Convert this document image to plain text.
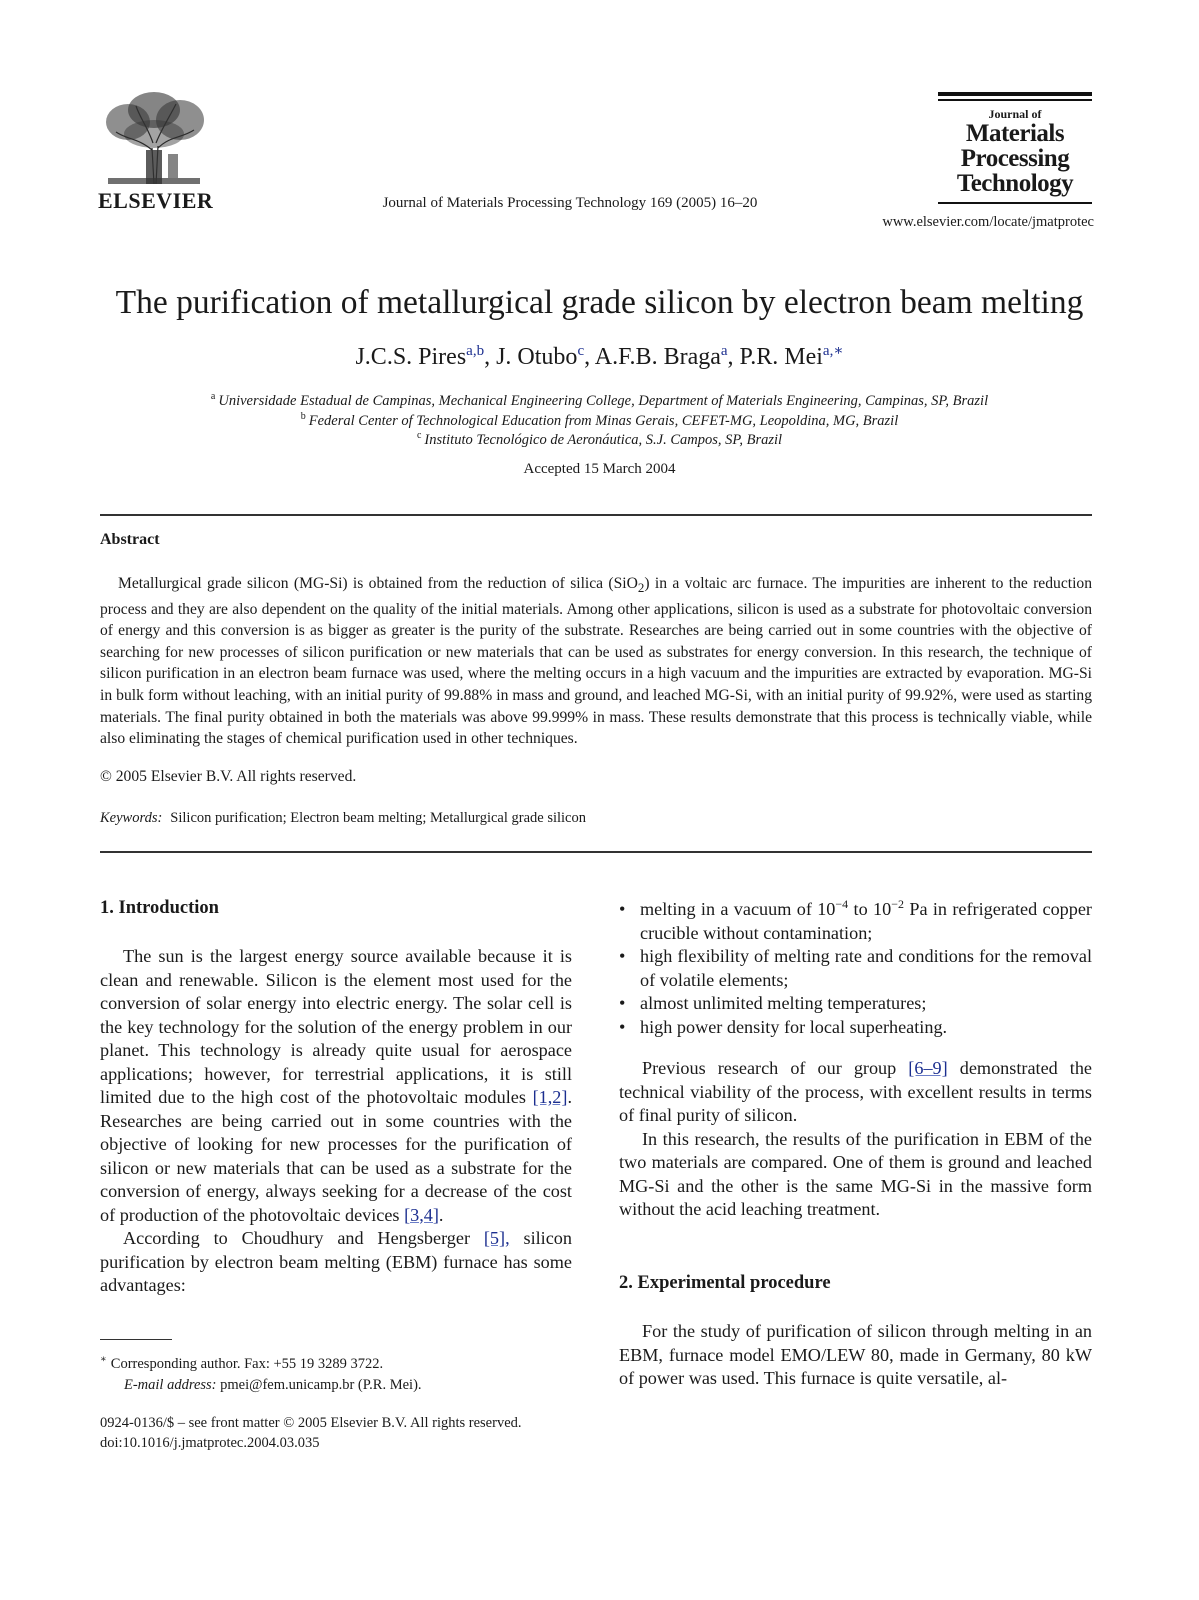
ELSEVIER	Journal of Materials Processing Technology 169 (2005) 16–20
Journal of
Materials
Processing
Technology
www.elsevier.com/locate/jmatprotec
The purification of metallurgical grade silicon by electron beam melting
J.C.S. Pires$^{a,b}$, J. Otubo$^c$, A.F.B. Braga$^a$, P.R. Mei$^{a,∗}$
$^a$ Universidade Estadual de Campinas, Mechanical Engineering College, Department of Materials Engineering, Campinas, SP, Brazil
$^b$ Federal Center of Technological Education from Minas Gerais, CEFET-MG, Leopoldina, MG, Brazil
$^c$ Instituto Tecnológico de Aeronáutica, S.J. Campos, SP, Brazil
Accepted 15 March 2004
Abstract
Metallurgical grade silicon (MG-Si) is obtained from the reduction of silica (SiO$_2$) in a voltaic arc furnace. The impurities are inherent to the reduction process and they are also dependent on the quality of the initial materials. Among other applications, silicon is used as a substrate for photovoltaic conversion of energy and this conversion is as bigger as greater is the purity of the substrate. Researches are being carried out in some countries with the objective of searching for new processes of silicon purification or new materials that can be used as substrates for energy conversion. In this research, the technique of silicon purification in an electron beam furnace was used, where the melting occurs in a high vacuum and the impurities are extracted by evaporation. MG-Si in bulk form without leaching, with an initial purity of 99.88% in mass and ground, and leached MG-Si, with an initial purity of 99.92%, were used as starting materials. The final purity obtained in both the materials was above 99.999% in mass. These results demonstrate that this process is technically viable, while also eliminating the stages of chemical purification used in other techniques.
© 2005 Elsevier B.V. All rights reserved.
Keywords: Silicon purification; Electron beam melting; Metallurgical grade silicon
1. Introduction

The sun is the largest energy source available because it is clean and renewable. Silicon is the element most used for the conversion of solar energy into electric energy. The solar cell is the key technology for the solution of the energy problem in our planet. This technology is already quite usual for aerospace applications; however, for terrestrial applications, it is still limited due to the high cost of the photovoltaic modules [1,2]. Researches are being carried out in some countries with the objective of looking for new processes for the purification of silicon or new materials that can be used as a substrate for the conversion of energy, always seeking for a decrease of the cost of production of the photovoltaic devices [3,4].

According to Choudhury and Hengsberger [5], silicon purification by electron beam melting (EBM) furnace has some advantages:

∗ Corresponding author. Fax: +55 19 3289 3722.
E-mail address: pmei@fem.unicamp.br (P.R. Mei).
0924-0136/$ – see front matter © 2005 Elsevier B.V. All rights reserved.
doi:10.1016/j.jmatprotec.2004.03.035
• melting in a vacuum of $10^{-4}$ to $10^{-2}$ Pa in refrigerated copper crucible without contamination;
• high flexibility of melting rate and conditions for the removal of volatile elements;
• almost unlimited melting temperatures;
• high power density for local superheating.

Previous research of our group [6–9] demonstrated the technical viability of the process, with excellent results in terms of final purity of silicon.

In this research, the results of the purification in EBM of the two materials are compared. One of them is ground and leached MG-Si and the other is the same MG-Si in the massive form without the acid leaching treatment.

2. Experimental procedure

For the study of purification of silicon through melting in an EBM, furnace model EMO/LEW 80, made in Germany, 80 kW of power was used. This furnace is quite versatile, al-
